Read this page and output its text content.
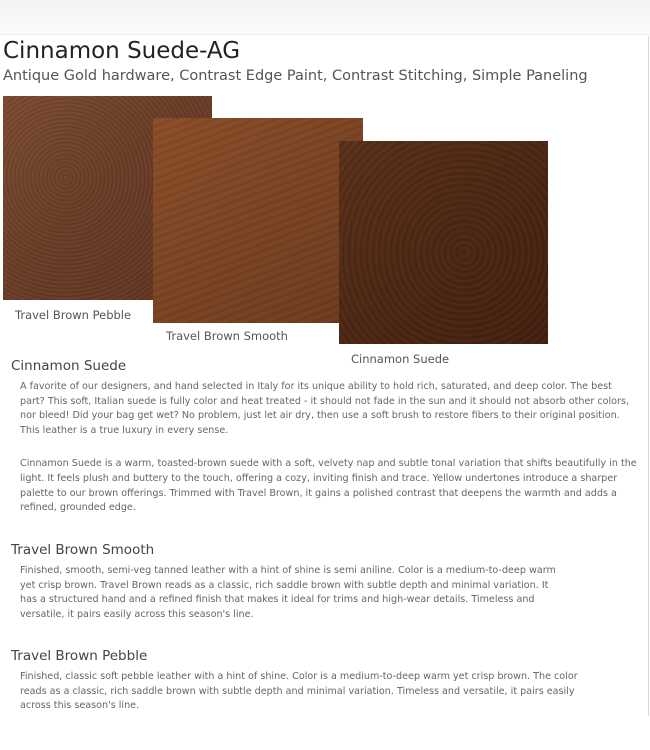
Cinnamon Suede-AG
Antique Gold hardware, Contrast Edge Paint, Contrast Stitching, Simple Paneling
Travel Brown Pebble
Travel Brown Smooth
Cinnamon Suede
Cinnamon Suede

A favorite of our designers, and hand selected in Italy for its unique ability to hold rich, saturated, and deep color. The best part? This soft, Italian suede is fully color and heat treated - it should not fade in the sun and it should not absorb other colors, nor bleed! Did your bag get wet? No problem, just let air dry, then use a soft brush to restore fibers to their original position. This leather is a true luxury in every sense.

Cinnamon Suede is a warm, toasted-brown suede with a soft, velvety nap and subtle tonal variation that shifts beautifully in the light. It feels plush and buttery to the touch, offering a cozy, inviting finish and trace. Yellow undertones introduce a sharper palette to our brown offerings. Trimmed with Travel Brown, it gains a polished contrast that deepens the warmth and adds a refined, grounded edge.

Travel Brown Smooth

Finished, smooth, semi-veg tanned leather with a hint of shine is semi aniline. Color is a medium-to-deep warm yet crisp brown. Travel Brown reads as a classic, rich saddle brown with subtle depth and minimal variation. It has a structured hand and a refined finish that makes it ideal for trims and high-wear details. Timeless and versatile, it pairs easily across this season's line.

Travel Brown Pebble

Finished, classic soft pebble leather with a hint of shine. Color is a medium-to-deep warm yet crisp brown. The color reads as a classic, rich saddle brown with subtle depth and minimal variation. Timeless and versatile, it pairs easily across this season's line.
